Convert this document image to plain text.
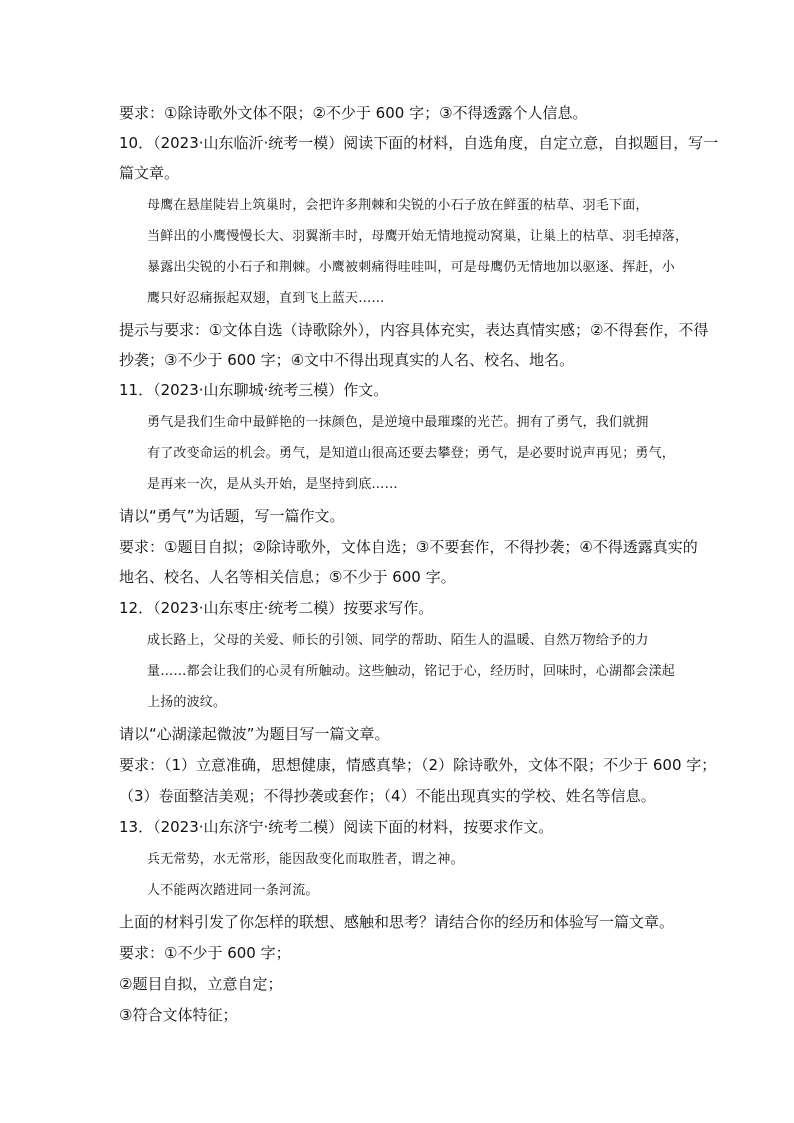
要求：①除诗歌外文体不限；②不少于 600 字；③不得透露个人信息。

10．（2023·山东临沂·统考一模）阅读下面的材料，自选角度，自定立意，自拟题目，写一

篇文章。

母鹰在悬崖陡岩上筑巢时，会把许多荆棘和尖锐的小石子放在鲜蛋的枯草、羽毛下面，

当鲜出的小鹰慢慢长大、羽翼渐丰时，母鹰开始无情地搅动窝巢，让巢上的枯草、羽毛掉落，

暴露出尖锐的小石子和荆棘。小鹰被刺痛得哇哇叫，可是母鹰仍无情地加以驱逐、挥赶，小

鹰只好忍痛振起双翅，直到飞上蓝天……

提示与要求：①文体自选（诗歌除外），内容具体充实，表达真情实感；②不得套作，不得

抄袭；③不少于 600 字；④文中不得出现真实的人名、校名、地名。

11．（2023·山东聊城·统考三模）作文。

勇气是我们生命中最鲜艳的一抹颜色，是逆境中最璀璨的光芒。拥有了勇气，我们就拥

有了改变命运的机会。勇气，是知道山很高还要去攀登；勇气，是必要时说声再见；勇气，

是再来一次，是从头开始，是坚持到底……

请以“勇气”为话题，写一篇作文。

要求：①题目自拟；②除诗歌外，文体自选；③不要套作，不得抄袭；④不得透露真实的

地名、校名、人名等相关信息；⑤不少于 600 字。

12．（2023·山东枣庄·统考二模）按要求写作。

成长路上，父母的关爱、师长的引领、同学的帮助、陌生人的温暖、自然万物给予的力

量……都会让我们的心灵有所触动。这些触动，铭记于心，经历时，回味时，心湖都会漾起

上扬的波纹。

请以“心湖漾起微波”为题目写一篇文章。

要求：（1）立意准确，思想健康，情感真挚；（2）除诗歌外，文体不限；不少于 600 字；

（3）卷面整洁美观；不得抄袭或套作；（4）不能出现真实的学校、姓名等信息。

13．（2023·山东济宁·统考二模）阅读下面的材料，按要求作文。

兵无常势，水无常形，能因敌变化而取胜者，谓之神。

人不能两次踏进同一条河流。

上面的材料引发了你怎样的联想、感触和思考？请结合你的经历和体验写一篇文章。

要求：①不少于 600 字；

②题目自拟，立意自定；

③符合文体特征；
